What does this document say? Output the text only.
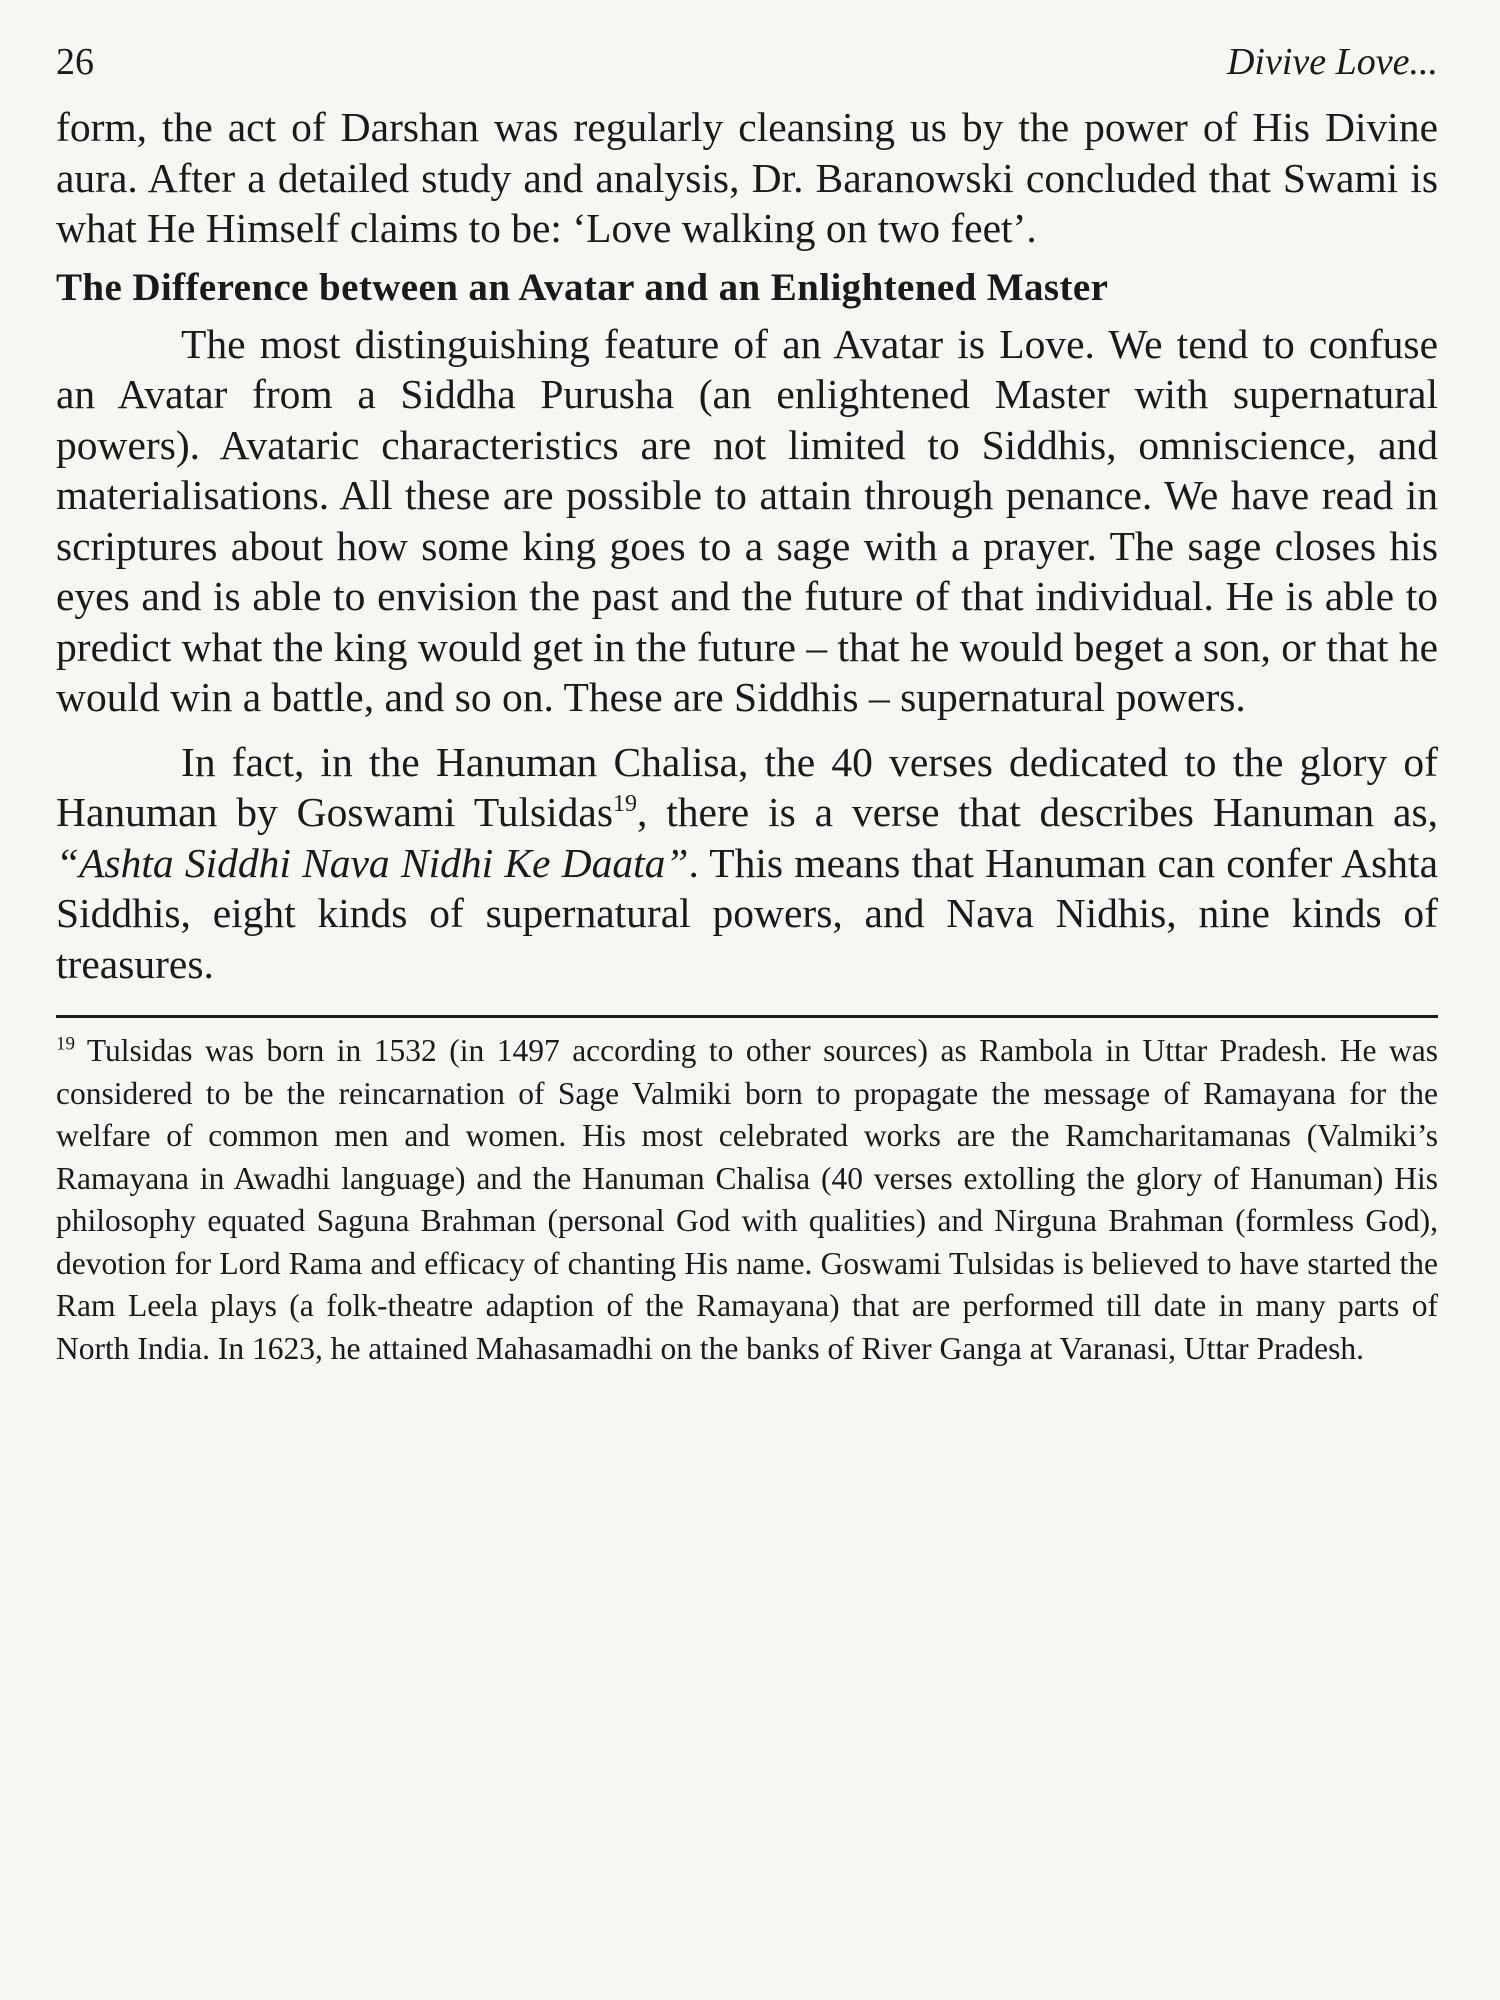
26	Divive Love...

form, the act of Darshan was regularly cleansing us by the power of His Divine aura. After a detailed study and analysis, Dr. Baranowski concluded that Swami is what He Himself claims to be: ‘Love walking on two feet’.

The Difference between an Avatar and an Enlightened Master

The most distinguishing feature of an Avatar is Love. We tend to confuse an Avatar from a Siddha Purusha (an enlightened Master with supernatural powers). Avataric characteristics are not limited to Siddhis, omniscience, and materialisations. All these are possible to attain through penance. We have read in scriptures about how some king goes to a sage with a prayer. The sage closes his eyes and is able to envision the past and the future of that individual. He is able to predict what the king would get in the future – that he would beget a son, or that he would win a battle, and so on. These are Siddhis – supernatural powers.

In fact, in the Hanuman Chalisa, the 40 verses dedicated to the glory of Hanuman by Goswami Tulsidas$^{19}$, there is a verse that describes Hanuman as, “Ashta Siddhi Nava Nidhi Ke Daata”. This means that Hanuman can confer Ashta Siddhis, eight kinds of supernatural powers, and Nava Nidhis, nine kinds of treasures.

$^{19}$ Tulsidas was born in 1532 (in 1497 according to other sources) as Rambola in Uttar Pradesh. He was considered to be the reincarnation of Sage Valmiki born to propagate the message of Ramayana for the welfare of common men and women. His most celebrated works are the Ramcharitamanas (Valmiki’s Ramayana in Awadhi language) and the Hanuman Chalisa (40 verses extolling the glory of Hanuman) His philosophy equated Saguna Brahman (personal God with qualities) and Nirguna Brahman (formless God), devotion for Lord Rama and efficacy of chanting His name. Goswami Tulsidas is believed to have started the Ram Leela plays (a folk-theatre adaption of the Ramayana) that are performed till date in many parts of North India. In 1623, he attained Mahasamadhi on the banks of River Ganga at Varanasi, Uttar Pradesh.
